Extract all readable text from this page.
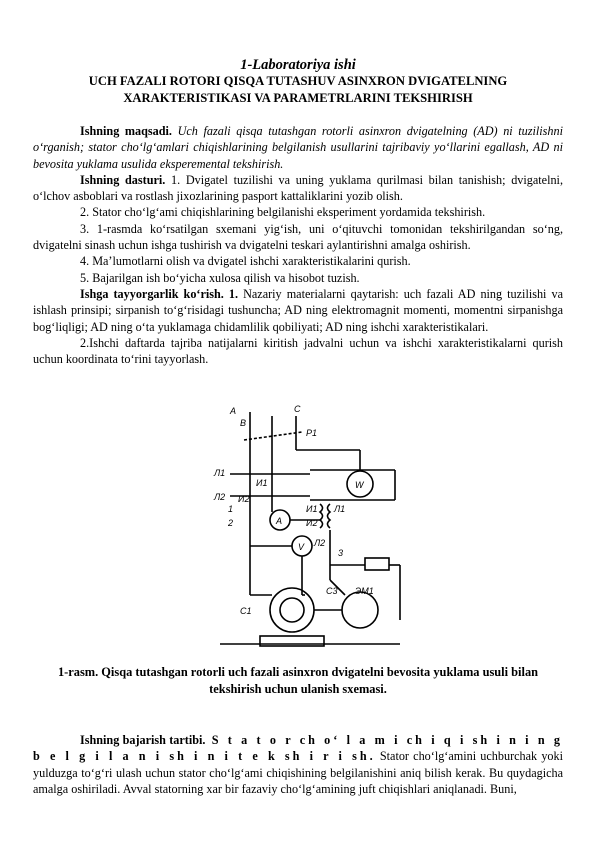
1-Laboratoriya ishi
UCH FAZALI ROTORI QISQA TUTASHUV ASINXRON DVIGATELNING XARAKTERISTIKASI VA PARAMETRLARINI TEKSHIRISH

Ishning maqsadi. Uch fazali qisqa tutashgan rotorli asinxron dvigatelning (AD) ni tuzilishni o‘rganish; stator cho‘lg‘amlari chiqishlarining belgilanish usullarini tajribaviy yo‘llarini egallash, AD ni bevosita yuklama usulida eksperemental tekshirish.

Ishning dasturi. 1. Dvigatel tuzilishi va uning yuklama qurilmasi bilan tanishish; dvigatelni, o‘lchov asboblari va rostlash jixozlarining pasport kattaliklarini yozib olish.

2. Stator cho‘lg‘ami chiqishlarining belgilanishi eksperiment yordamida tekshirish.

3. 1-rasmda ko‘rsatilgan sxemani yig‘ish, uni o‘qituvchi tomonidan tekshirilgandan so‘ng, dvigatelni sinash uchun ishga tushirish va dvigatelni teskari aylantirishni amalga oshirish.

4. Ma’lumotlarni olish va dvigatel ishchi xarakteristikalarini qurish.

5. Bajarilgan ish bo‘yicha xulosa qilish va hisobot tuzish.

Ishga tayyorgarlik ko‘rish. 1. Nazariy materialarni qaytarish: uch fazali AD ning tuzilishi va ishlash prinsipi; sirpanish to‘g‘risidagi tushuncha; AD ning elektromagnit momenti, momentni sirpanishga bog‘liqligi; AD ning o‘ta yuklamaga chidamlilik qobiliyati; AD ning ishchi xarakteristikalari.

2.Ishchi daftarda tajriba natijalarni kiritish jadvalni uchun va ishchi xarakteristikalarni qurish uchun koordinata to‘rini tayyorlash.

A
B
C
P1
Л1
Л2
И1
И2
W
A
V
И1
И2
Л1
Л2
С1
С3 ЭМ1
1
2
3
1-rasm. Qisqa tutashgan rotorli uch fazali asinxron dvigatelni bevosita yuklama usuli bilan tekshirish uchun ulanish sxemasi.

Ishning bajarish tartibi. S t a t o r ch o‘ l a m i ch i q i sh i n i n g b e l g i l a n i sh i n i t e k sh i r i sh. Stator cho‘lg‘amini uchburchak yoki yulduzga to‘g‘ri ulash uchun stator cho‘lg‘ami chiqishining belgilanishini aniq bilish kerak. Bu quydagicha amalga oshiriladi. Avval statorning xar bir fazaviy cho‘lg‘amining juft chiqishlari aniqlanadi. Buni,
